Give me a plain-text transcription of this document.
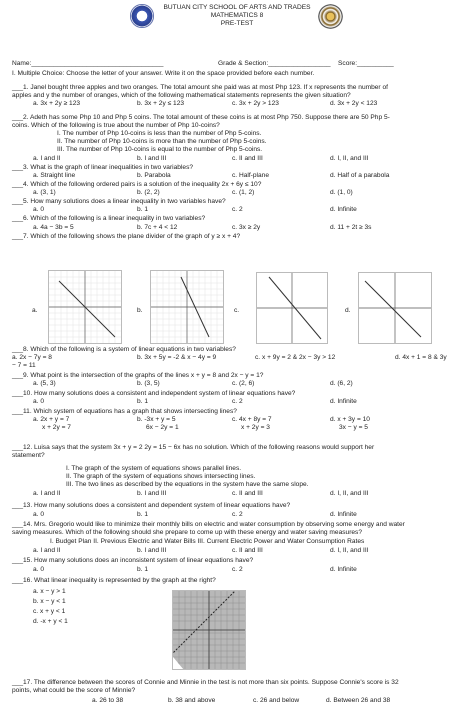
BUTUAN CITY SCHOOL OF ARTS AND TRADES
MATHEMATICS 8
PRE-TEST
Name:____________________________________	Grade & Section:_________________ Score:__________
I. Multiple Choice: Choose the letter of your answer. Write it on the space provided before each number.
___1. Janel bought three apples and two oranges. The total amount she paid was at most Php 123. If x represents the number of
apples and y the number of oranges, which of the following mathematical statements represents the given situation?
a. 3x + 2y ≥ 123	b. 3x + 2y ≤ 123	c. 3x + 2y > 123	d. 3x + 2y < 123
___2. Adeth has some Php 10 and Php 5 coins. The total amount of these coins is at most Php 750. Suppose there are 50 Php 5-
coins. Which of the following is true about the number of Php 10-coins?
I. The number of Php 10-coins is less than the number of Php 5-coins.
II. The number of Php 10-coins is more than the number of Php 5-coins.
III. The number of Php 10-coins is equal to the number of Php 5-coins.
a. I and II	b. I and III	c. II and III	d. I, II, and III
___3. What is the graph of linear inequalities in two variables?
a. Straight line	b. Parabola	c. Half-plane	d. Half of a parabola
___4. Which of the following ordered pairs is a solution of the inequality 2x + 6y ≤ 10?
a. (3, 1)	b. (2, 2)	c. (1, 2)	d. (1, 0)
___5. How many solutions does a linear inequality in two variables have?
a. 0	b. 1	c. 2	d. Infinite
___6. Which of the following is a linear inequality in two variables?
a. 4a − 3b = 5	b. 7c + 4 < 12	c. 3x ≥ 2y	d. 11 + 2t ≥ 3s
___7. Which of the following shows the plane divider of the graph of y ≥ x + 4?
a.	b.	c.	d.
___8. Which of the following is a system of linear equations in two variables?
a. 2x − 7y = 8	b. 3x + 5y = -2 & x − 4y = 9	c. x + 9y = 2 & 2x − 3y > 12	d. 4x + 1 = 8 & 3y
− 7 = 11
___9. What point is the intersection of the graphs of the lines x + y = 8 and 2x − y = 1?
a. (5, 3)	b. (3, 5)	c. (2, 6)	d. (6, 2)
___10. How many solutions does a consistent and independent system of linear equations have?
a. 0	b. 1	c. 2	d. Infinite
___11. Which system of equations has a graph that shows intersecting lines?
a. 2x + y = 7	b. -3x + y = 5	c. 4x + 8y = 7	d. x + 3y = 10
x + 2y = 7	6x − 2y = 1	x + 2y = 3	3x − y = 5
___12. Luisa says that the system 3x + y = 2 2y = 15 − 6x has no solution. Which of the following reasons would support her
statement?
I. The graph of the system of equations shows parallel lines.
II. The graph of the system of equations shows intersecting lines.
III. The two lines as described by the equations in the system have the same slope.
a. I and II	b. I and III	c. II and III	d. I, II, and III
___13. How many solutions does a consistent and dependent system of linear equations have?
a. 0	b. 1	c. 2	d. Infinite
___14. Mrs. Gregorio would like to minimize their monthly bills on electric and water consumption by observing some energy and water
saving measures. Which of the following should she prepare to come up with these energy and water saving measures?
I. Budget Plan II. Previous Electric and Water Bills III. Current Electric Power and Water Consumption Rates
a. I and II	b. I and III	c. II and III	d. I, II, and III
___15. How many solutions does an inconsistent system of linear equations have?
a. 0	b. 1	c. 2	d. Infinite
___16. What linear inequality is represented by the graph at the right?
a. x − y > 1
b. x − y < 1
c. x + y < 1
d. -x + y < 1
___17. The difference between the scores of Connie and Minnie in the test is not more than six points. Suppose Connie's score is 32
points, what could be the score of Minnie?
a. 26 to 38	b. 38 and above	c. 26 and below	d. Between 26 and 38
